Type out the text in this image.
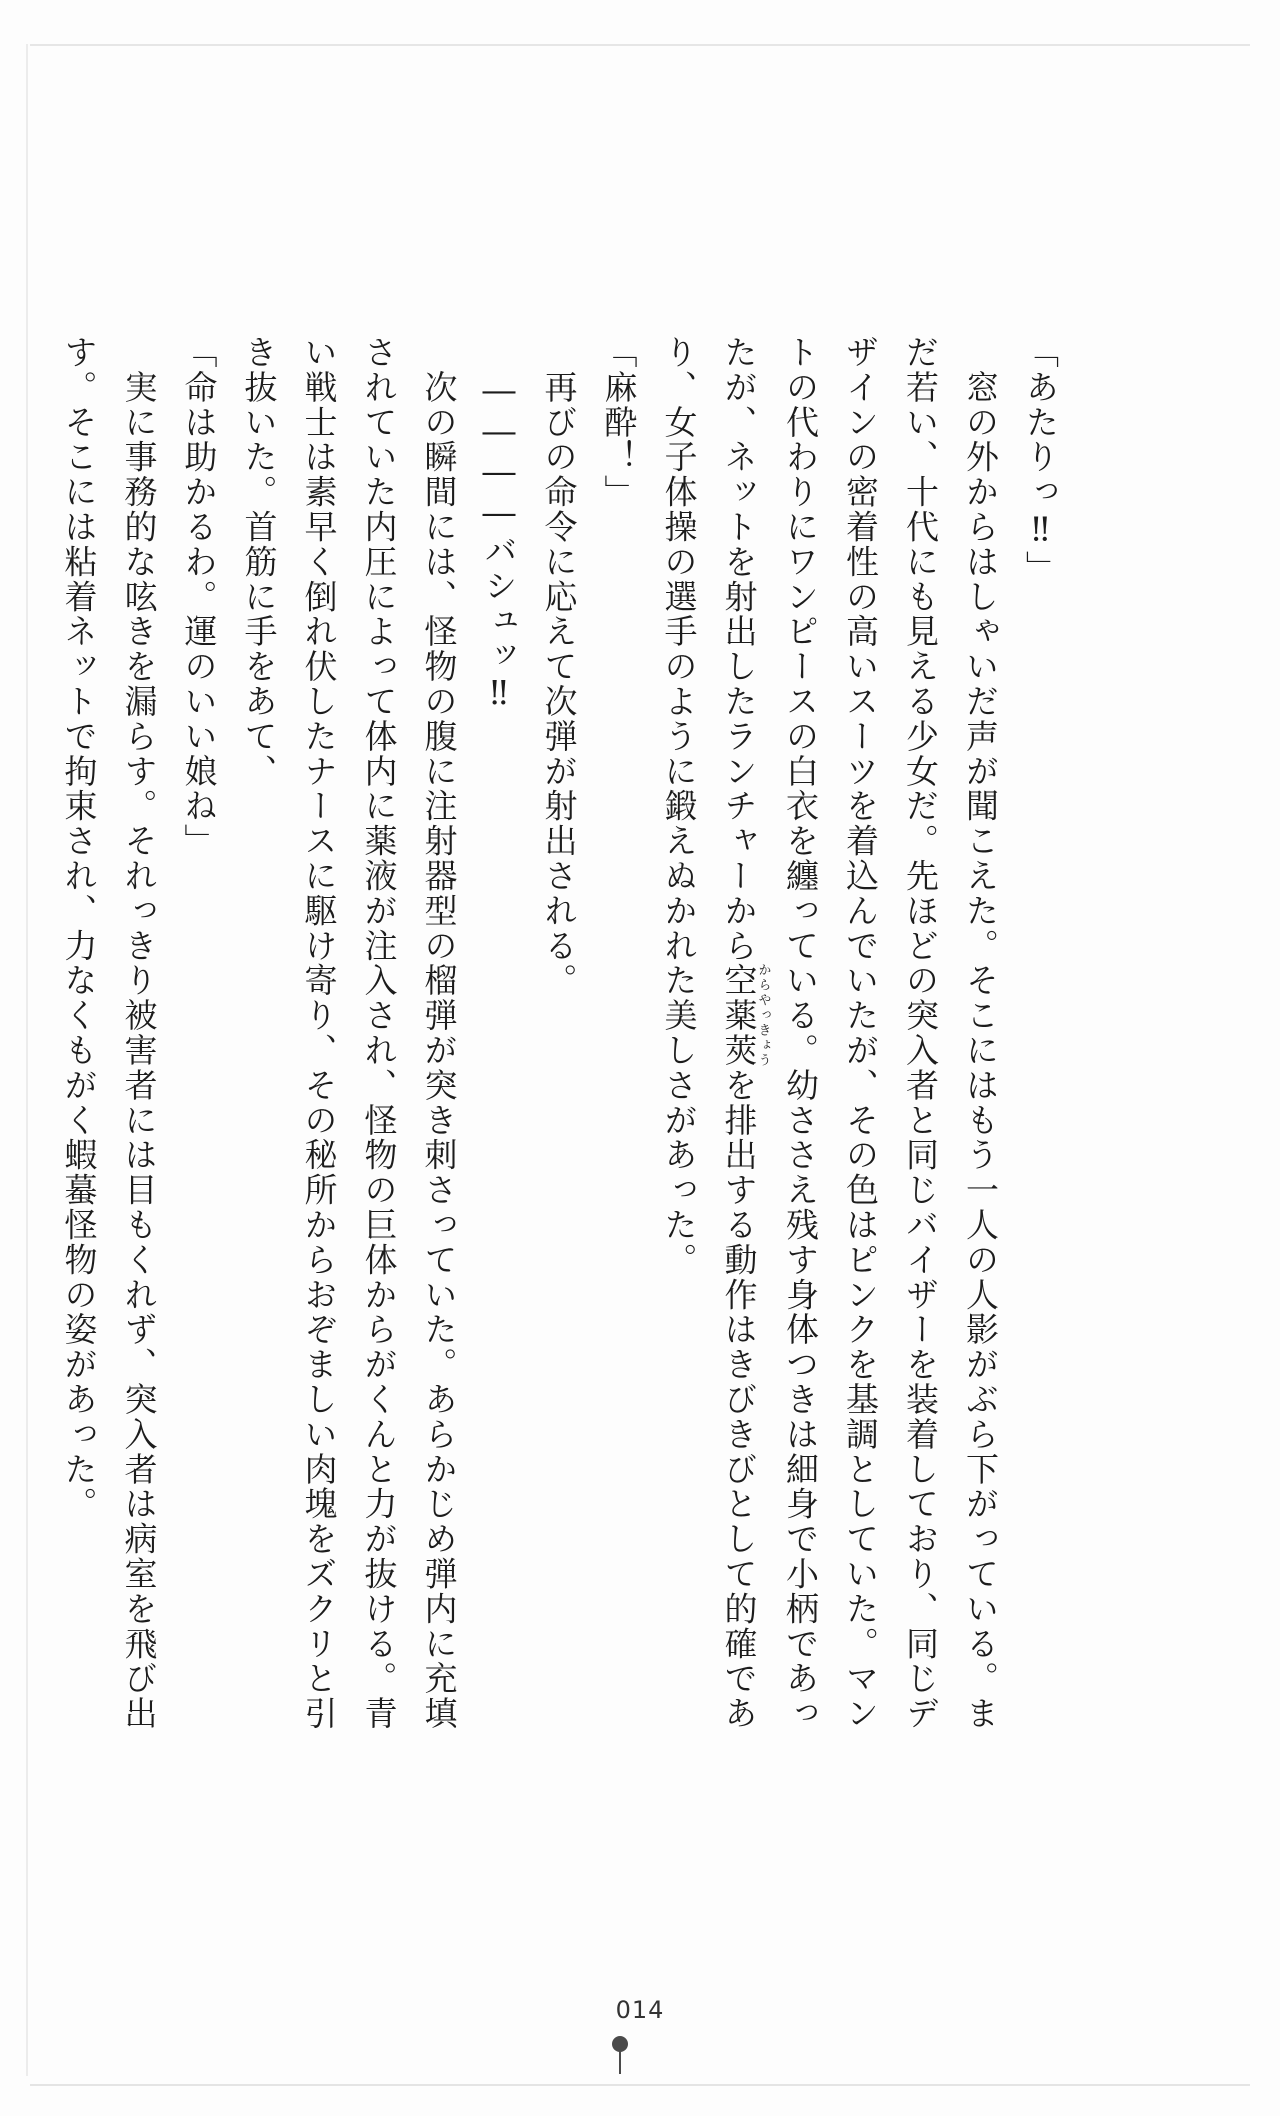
「あたりっ‼」

　窓の外からはしゃいだ声が聞こえた。そこにはもう一人の人影がぶら下がっている。ま

だ若い、十代にも見える少女だ。先ほどの突入者と同じバイザーを装着しており、同じデ

ザインの密着性の高いスーツを着込んでいたが、その色はピンクを基調としていた。マン

トの代わりにワンピースの白衣を纏っている。幼ささえ残す身体つきは細身で小柄であっ

たが、ネットを射出したランチャーから空薬莢からやっきょうを排出する動作はきびきびとして的確であ

り、女子体操の選手のように鍛えぬかれた美しさがあった。

「麻酔！」

　再びの命令に応えて次弾が射出される。

　――――バシュッ‼

　次の瞬間には、怪物の腹に注射器型の榴弾が突き刺さっていた。あらかじめ弾内に充填

されていた内圧によって体内に薬液が注入され、怪物の巨体からがくんと力が抜ける。青

い戦士は素早く倒れ伏したナースに駆け寄り、その秘所からおぞましい肉塊をズクリと引

き抜いた。首筋に手をあて、

「命は助かるわ。運のいい娘ね」

　実に事務的な呟きを漏らす。それっきり被害者には目もくれず、突入者は病室を飛び出

す。そこには粘着ネットで拘束され、力なくもがく蝦蟇怪物の姿があった。

014
